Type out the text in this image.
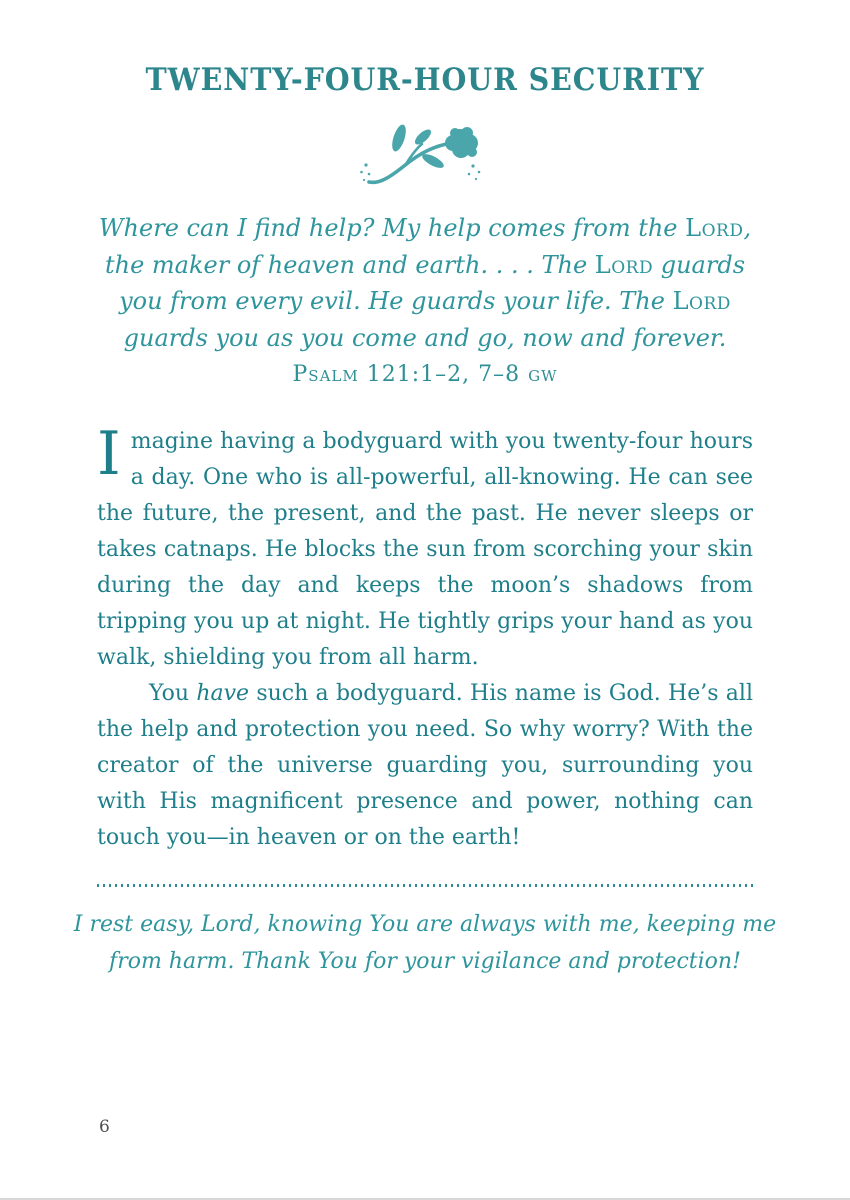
TWENTY-FOUR-HOUR SECURITY
Where can I find help? My help comes from the Lord,
the maker of heaven and earth. . . . The Lord guards
you from every evil. He guards your life. The Lord
guards you as you come and go, now and forever.
Psalm 121:1–2, 7–8 gw

Imagine having a bodyguard with you twenty-four hours a day. One who is all-powerful, all-knowing. He can see the future, the present, and the past. He never sleeps or takes catnaps. He blocks the sun from scorching your skin during the day and keeps the moon’s shadows from tripping you up at night. He tightly grips your hand as you walk, shielding you from all harm.

You have such a bodyguard. His name is God. He’s all the help and protection you need. So why worry? With the creator of the universe guarding you, surrounding you with His magnificent presence and power, nothing can touch you—in heaven or on the earth!

I rest easy, Lord, knowing You are always with me, keeping me
from harm. Thank You for your vigilance and protection!
6
